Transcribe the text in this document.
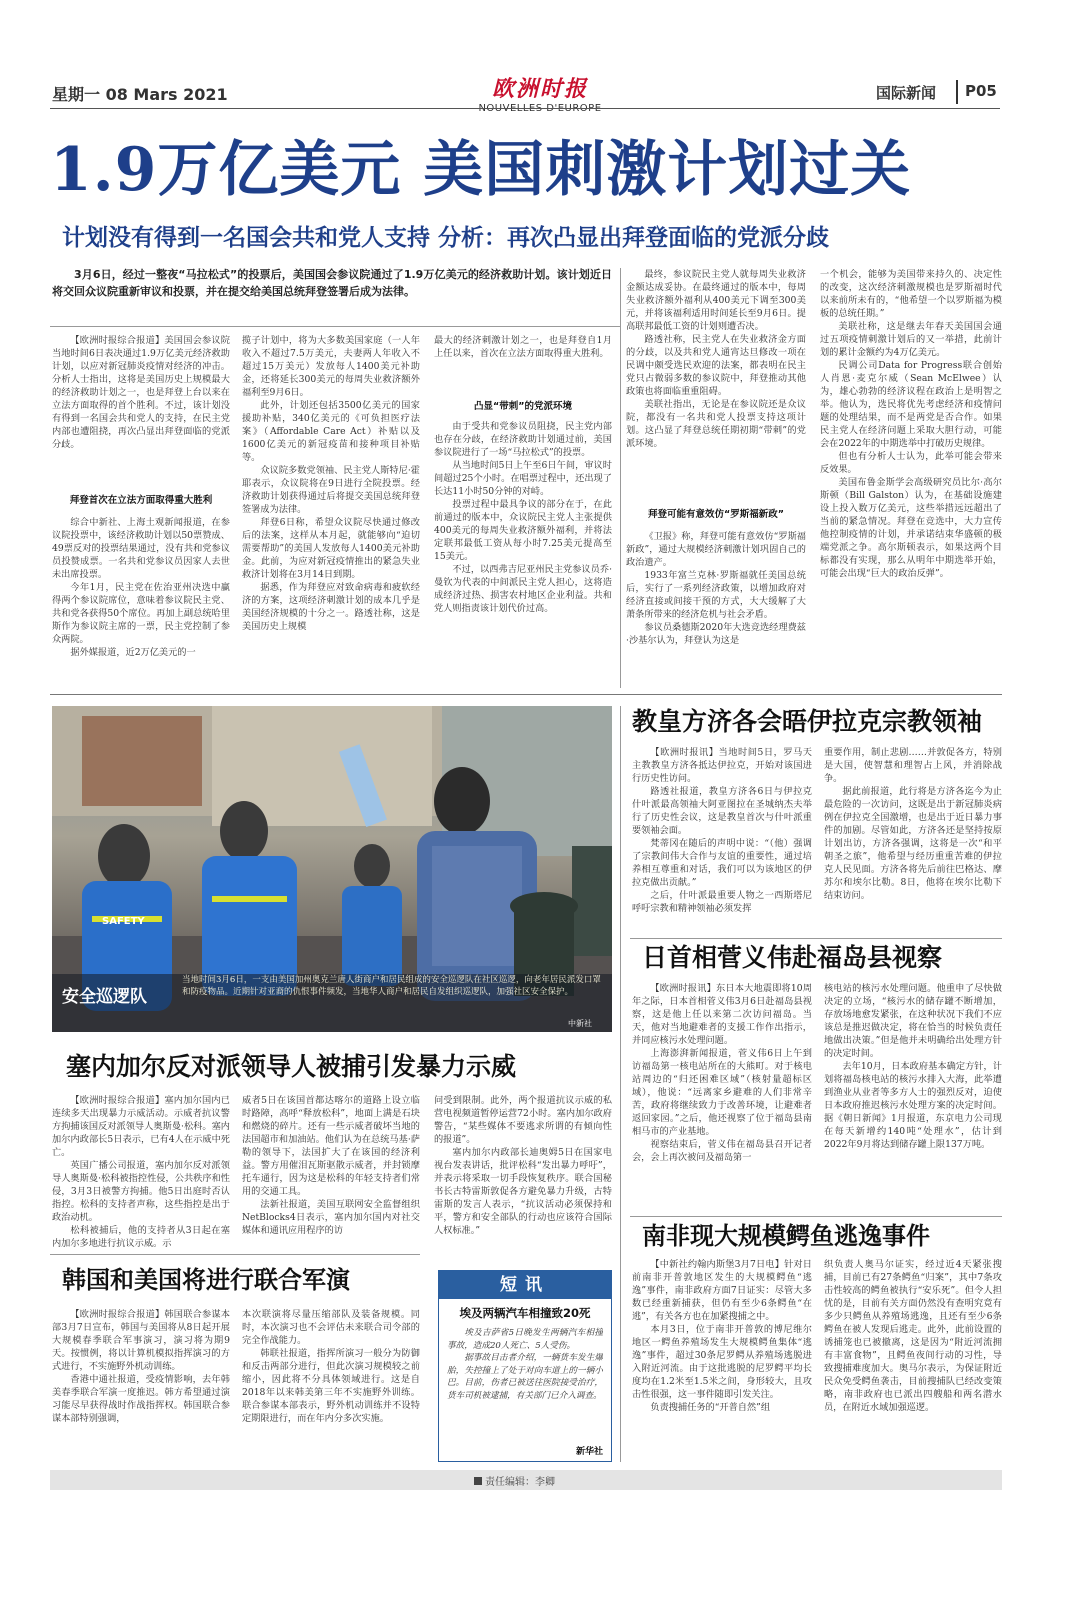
星期一 08 Mars 2021	欧洲时报
NOUVELLES D'EUROPE
国际新闻 P05
1.9万亿美元 美国刺激计划过关
计划没有得到一名国会共和党人支持 分析：再次凸显出拜登面临的党派分歧
3月6日，经过一整夜“马拉松式”的投票后，美国国会参议院通过了1.9万亿美元的经济救助计划。该计划近日将交回众议院重新审议和投票，并在提交给美国总统拜登签署后成为法律。

【欧洲时报综合报道】美国国会参议院当地时间6日表决通过1.9万亿美元经济救助计划，以应对新冠肺炎疫情对经济的冲击。分析人士指出，这将是美国历史上规模最大的经济救助计划之一，也是拜登上台以来在立法方面取得的首个胜利。不过，该计划没有得到一名国会共和党人的支持，在民主党内部也遭阻挠，再次凸显出拜登面临的党派分歧。

拜登首次在立法方面取得重大胜利

综合中新社、上海土观新闻报道，在参议院投票中，该经济救助计划以50票赞成、49票反对的投票结果通过，没有共和党参议员投赞成票。一名共和党参议员因家人去世未出席投票。

今年1月，民主党在佐治亚州决选中赢得两个参议院席位，意味着参议院民主党、共和党各获得50个席位。再加上副总统哈里斯作为参议院主席的一票，民主党控制了参众两院。

据外媒报道，近2万亿美元的一

揽子计划中，将为大多数美国家庭（一人年收入不超过7.5万美元，夫妻两人年收入不超过15万美元）发放每人1400美元补助金，还将延长300美元的每周失业救济额外福利至9月6日。

此外，计划还包括3500亿美元的国家援助补贴，340亿美元的《可负担医疗法案》（Affordable Care Act）补贴以及1600亿美元的新冠疫苗和接种项目补贴等。

众议院多数党领袖、民主党人斯特尼·霍耶表示，众议院将在9日进行全院投票。经济救助计划获得通过后将提交美国总统拜登签署成为法律。

拜登6日称，希望众议院尽快通过修改后的法案，这样从本月起，就能够向“迫切需要帮助”的美国人发放每人1400美元补助金。此前，为应对新冠疫情推出的紧急失业救济计划将在3月14日到期。

据悉，作为拜登应对致命病毒和疲软经济的方案，这项经济刺激计划的成本几乎是美国经济规模的十分之一。路透社称，这是美国历史上规模

最大的经济刺激计划之一，也是拜登自1月上任以来，首次在立法方面取得重大胜利。

凸显“带刺”的党派环境

由于受共和党参议员阻挠，民主党内部也存在分歧，在经济救助计划通过前，美国参议院进行了一场“马拉松式”的投票。

从当地时间5日上午至6日午间，审议时间超过25个小时。在唱票过程中，还出现了长达11小时50分钟的对峙。

投票过程中最具争议的部分在于，在此前通过的版本中，众议院民主党人主张提供400美元的每周失业救济额外福利，并将法定联邦最低工资从每小时7.25美元提高至15美元。

不过，以西弗吉尼亚州民主党参议员乔·曼钦为代表的中间派民主党人担心，这将造成经济过热、损害农村地区企业利益。共和党人则指责该计划代价过高。

最终，参议院民主党人就每周失业救济金额达成妥协。在最终通过的版本中，每周失业救济额外福利从400美元下调至300美元，并将该福利适用时间延长至9月6日。提高联邦最低工资的计划则遭否决。

路透社称，民主党人在失业救济金方面的分歧，以及共和党人通宵达旦修改一项在民调中颇受选民欢迎的法案，都表明在民主党只占微弱多数的参议院中，拜登推动其他政策也将面临重重阻碍。

美联社指出，无论是在参议院还是众议院，都没有一名共和党人投票支持这项计划。这凸显了拜登总统任期初期“带刺”的党派环境。

拜登可能有意效仿“罗斯福新政”

《卫报》称，拜登可能有意效仿“罗斯福新政”，通过大规模经济刺激计划巩固自己的政治遗产。

1933年富兰克林·罗斯福就任美国总统后，实行了一系列经济政策，以增加政府对经济直接或间接干预的方式，大大缓解了大萧条所带来的经济危机与社会矛盾。

参议员桑德斯2020年大选竞选经理费兹·沙基尔认为，拜登认为这是

一个机会，能够为美国带来持久的、决定性的改变，这次经济刺激规模也是罗斯福时代以来前所未有的，“他希望一个以罗斯福为模板的总统任期。”

美联社称，这是继去年春天美国国会通过五项疫情刺激计划后的又一举措，此前计划的累计金额约为4万亿美元。

民调公司Data for Progress联合创始人肖恩·麦克尔威（Sean McElwee）认为，雄心勃勃的经济议程在政治上是明智之举。他认为，选民将优先考虑经济和疫情问题的处理结果，而不是两党是否合作。如果民主党人在经济问题上采取大胆行动，可能会在2022年的中期选举中打破历史规律。

但也有分析人士认为，此举可能会带来反效果。

美国布鲁金斯学会高级研究员比尔·高尔斯顿（Bill Galston）认为，在基础设施建设上投入数万亿美元，这些举措远远超出了当前的紧急情况。拜登在竞选中，大力宣传他控制疫情的计划，并承诺结束华盛顿的极端党派之争。高尔斯顿表示，如果这两个目标都没有实现，那么从明年中期选举开始，可能会出现“巨大的政治反弹”。

SAFETY
安全巡逻队
当地时间3月6日，一支由美国加州奥克兰唐人街商户和居民组成的安全巡逻队在社区巡逻，向老年居民派发口罩和防疫物品。近期针对亚裔的仇恨事件频发，当地华人商户和居民自发组织巡逻队，加强社区安全保护。
中新社
教皇方济各会晤伊拉克宗教领袖

【欧洲时报讯】当地时间5日，罗马天主教教皇方济各抵达伊拉克，开始对该国进行历史性访问。

路透社报道，教皇方济各6日与伊拉克什叶派最高领袖大阿亚图拉在圣城纳杰夫举行了历史性会议，这是教皇首次与什叶派重要领袖会面。

梵蒂冈在随后的声明中说：“（他）强调了宗教间伟大合作与友谊的重要性，通过培养相互尊重和对话，我们可以为该地区的伊拉克做出贡献。”

之后，什叶派最重要人物之一西斯塔尼呼吁宗教和精神领袖必须发挥

重要作用，制止悲剧……并敦促各方，特别是大国，使智慧和理智占上风，并消除战争。

据此前报道，此行将是方济各迄今为止最危险的一次访问，这既是出于新冠肺炎病例在伊拉克全国激增，也是出于近日暴力事件的加剧。尽管如此，方济各还是坚持按原计划出访，方济各强调，这将是一次“和平朝圣之旅”，他希望与经历重重苦难的伊拉克人民见面。方济各将先后前往巴格达、摩苏尔和埃尔比勒。8日，他将在埃尔比勒下结束访问。

日首相菅义伟赴福岛县视察

【欧洲时报讯】东日本大地震即将10周年之际，日本首相菅义伟3月6日赴福岛县视察，这是他上任以来第二次访问福岛。当天，他对当地避难者的支援工作作出指示，并同应核污水处理问题。

上海澎湃新闻报道，菅义伟6日上午到访福岛第一核电站所在的大熊町。对于核电站周边的“归还困难区域”（核射量超标区域），他说：“远离家乡避难的人们非常辛苦，政府将继续致力于改善环境，让避难者返回家园。”之后，他还视察了位于福岛县南相马市的产业基地。

视察结束后，菅义伟在福岛县召开记者会，会上再次被问及福岛第一

核电站的核污水处理问题。他重申了尽快做决定的立场，“核污水的储存罐不断增加，存放场地愈发紧张，在这种状况下我们不应该总是推迟做决定，将在恰当的时候负责任地做出决策。”但是他并未明确给出处理方针的决定时间。

去年10月，日本政府基本确定方针，计划将福岛核电站的核污水排入大海，此举遭到渔业从业者等多方人士的强烈反对，迫使日本政府推迟核污水处理方案的决定时间。据《朝日新闻》1月报道，东京电力公司现在每天新增约140吨“处理水”，估计到2022年9月将达到储存罐上限137万吨。

塞内加尔反对派领导人被捕引发暴力示威

【欧洲时报综合报道】塞内加尔国内已连续多天出现暴力示威活动。示威者抗议警方拘捕该国反对派领导人奥斯曼·松科。塞内加尔内政部长5日表示，已有4人在示威中死亡。

英国广播公司报道，塞内加尔反对派领导人奥斯曼·松科被指控性侵，公共秩序和性侵，3月3日被警方拘捕。他5日出庭时否认指控。松科的支持者声称，这些指控是出于政治动机。

松科被捕后，他的支持者从3日起在塞内加尔多地进行抗议示威。示

威者5日在该国首都达喀尔的道路上设立临时路障，高呼“释放松科”，地面上满是石块和燃烧的碎片。还有一些示威者破坏当地的法国超市和加油站。他们认为在总统马基·萨勒的领导下，法国扩大了在该国的经济利益。警方用催泪瓦斯驱散示威者，并封锁摩托车通行，因为这是松科的年轻支持者们常用的交通工具。

法新社报道，美国互联网安全监督组织NetBlocks4日表示，塞内加尔国内对社交媒体和通讯应用程序的访

问受到限制。此外，两个报道抗议示威的私营电视频道暂停运营72小时。塞内加尔政府警告，“某些媒体不要逃求所谓的有倾向性的报道”。

塞内加尔内政部长迪奥姆5日在国家电视台发表讲话，批评松科“发出暴力呼吁”，并表示将采取一切手段恢复秩序。联合国秘书长古特雷斯敦促各方避免暴力升级，古特雷斯的发言人表示，“抗议活动必须保持和平，警方和安全部队的行动也应该符合国际人权标准。”

韩国和美国将进行联合军演

【欧洲时报综合报道】韩国联合参谋本部3月7日宣布，韩国与美国将从8日起开展大规模春季联合军事演习，演习将为期9天。按惯例，将以计算机模拟指挥演习的方式进行，不实施野外机动训练。

香港中通社报道，受疫情影响，去年韩美春季联合军演一度推迟。韩方希望通过演习能尽早获得战时作战指挥权。韩国联合参谋本部特别强调，

本次联演将尽量压缩部队及装备规模。同时，本次演习也不会评估未来联合司令部的完全作战能力。

韩联社报道，指挥所演习一般分为防御和反击两部分进行，但此次演习规模较之前缩小，因此将不分具体领域进行。这是自2018年以来韩美第三年不实施野外训练。联合参谋本部表示，野外机动训练并不设特定期限进行，而在年内分多次实施。

短讯
埃及两辆汽车相撞致20死

埃及吉萨省5日晚发生两辆汽车相撞事故，造成20人死亡、5人受伤。

据事故目击者介绍，一辆货车发生爆胎，失控撞上了处于对向车道上的一辆小巴。目前，伤者已被送往医院接受治疗，货车司机被逮捕，有关部门已介入调查。

新华社
南非现大规模鳄鱼逃逸事件

【中新社约翰内斯堡3月7日电】针对日前南非开普敦地区发生的大规模鳄鱼“逃逸”事件，南非政府方面7日证实：尽管大多数已经重新捕获，但仍有至少6条鳄鱼“在逃”，有关各方也在加紧搜捕之中。

本月3日，位于南非开普敦的博尼维尔地区一鳄鱼养殖场发生大规模鳄鱼集体“逃逸”事件，超过30条尼罗鳄从养殖场逃脱进入附近河流。由于这批逃脱的尼罗鳄平均长度均在1.2米至1.5米之间，身形较大，且攻击性很强，这一事件随即引发关注。

负责搜捕任务的“开普自然”组

织负责人奥马尔证实，经过近4天紧张搜捕，目前已有27条鳄鱼“归案”，其中7条攻击性较高的鳄鱼被执行“安乐死”。但令人担忧的是，目前有关方面仍然没有查明究竟有多少只鳄鱼从养殖场逃逸，且还有至少6条鳄鱼在被人发现后逃走。此外，此前设置的诱捕笼也已被撤离，这是因为“附近河流拥有丰富食物”，且鳄鱼夜间行动的习性，导致搜捕难度加大。奥马尔表示，为保证附近民众免受鳄鱼袭击，目前搜捕队已经改变策略，南非政府也已派出四艘船和两名潜水员，在附近水域加强巡逻。

责任编辑：李卿
